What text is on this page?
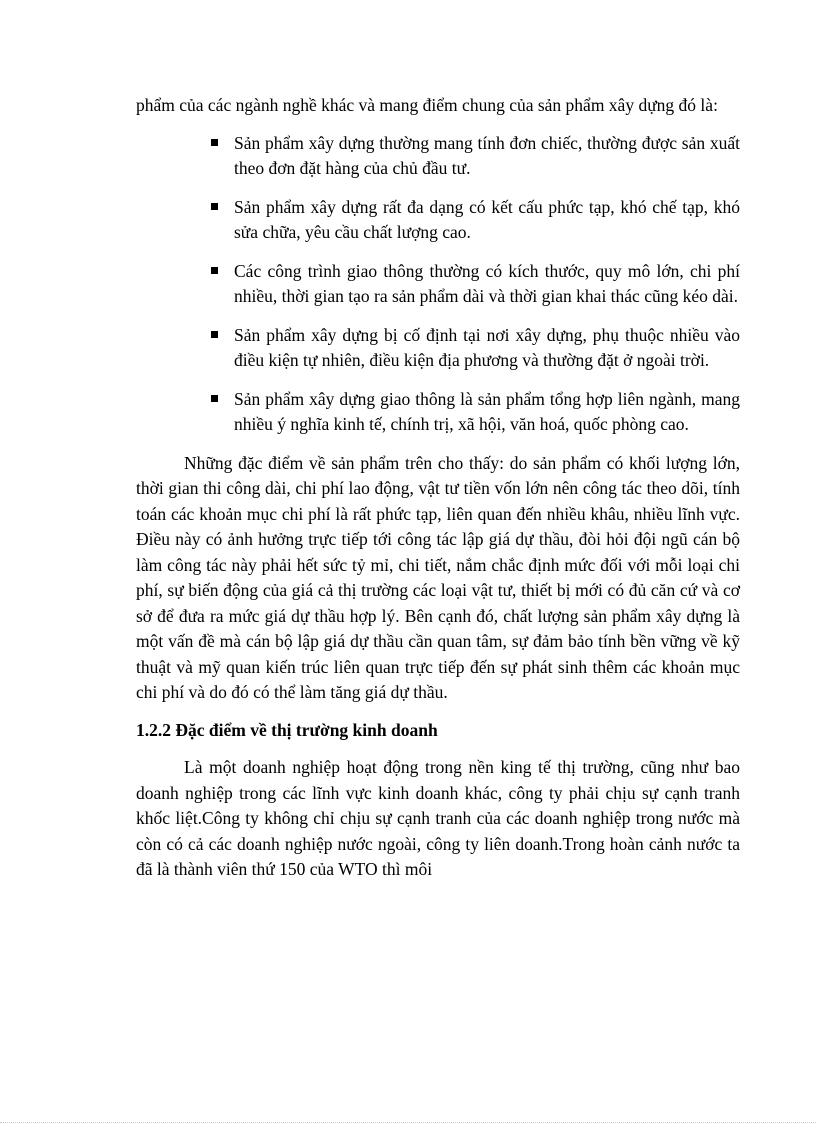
phẩm của các ngành nghề khác và mang điểm chung của sản phẩm xây dựng đó là:

Sản phẩm xây dựng thường mang tính đơn chiếc, thường được sản xuất theo đơn đặt hàng của chủ đầu tư.
Sản phẩm xây dựng rất đa dạng có kết cấu phức tạp, khó chế tạp, khó sửa chữa, yêu cầu chất lượng cao.
Các công trình giao thông thường có kích thước, quy mô lớn, chi phí nhiều, thời gian tạo ra sản phẩm dài và thời gian khai thác cũng kéo dài.
Sản phẩm xây dựng bị cố định tại nơi xây dựng, phụ thuộc nhiều vào điều kiện tự nhiên, điều kiện địa phương và thường đặt ở ngoài trời.
Sản phẩm xây dựng giao thông là sản phẩm tổng hợp liên ngành, mang nhiều ý nghĩa kinh tế, chính trị, xã hội, văn hoá, quốc phòng cao.

Những đặc điểm về sản phẩm trên cho thấy: do sản phẩm có khối lượng lớn, thời gian thi công dài, chi phí lao động, vật tư tiền vốn lớn nên công tác theo dõi, tính toán các khoản mục chi phí là rất phức tạp, liên quan đến nhiều khâu, nhiều lĩnh vực. Điều này có ảnh hưởng trực tiếp tới công tác lập giá dự thầu, đòi hỏi đội ngũ cán bộ làm công tác này phải hết sức tỷ mỉ, chi tiết, nắm chắc định mức đối với mỗi loại chi phí, sự biến động của giá cả thị trường các loại vật tư, thiết bị mới có đủ căn cứ và cơ sở để đưa ra mức giá dự thầu hợp lý. Bên cạnh đó, chất lượng sản phẩm xây dựng là một vấn đề mà cán bộ lập giá dự thầu cần quan tâm, sự đảm bảo tính bền vững về kỹ thuật và mỹ quan kiến trúc liên quan trực tiếp đến sự phát sinh thêm các khoản mục chi phí và do đó có thể làm tăng giá dự thầu.

1.2.2 Đặc điểm về thị trường kinh doanh

Là một doanh nghiệp hoạt động trong nền king tế thị trường, cũng như bao doanh nghiệp trong các lĩnh vực kinh doanh khác, công ty phải chịu sự cạnh tranh khốc liệt.Công ty không chỉ chịu sự cạnh tranh của các doanh nghiệp trong nước mà còn có cả các doanh nghiệp nước ngoài, công ty liên doanh.Trong hoàn cảnh nước ta đã là thành viên thứ 150 của WTO thì môi
